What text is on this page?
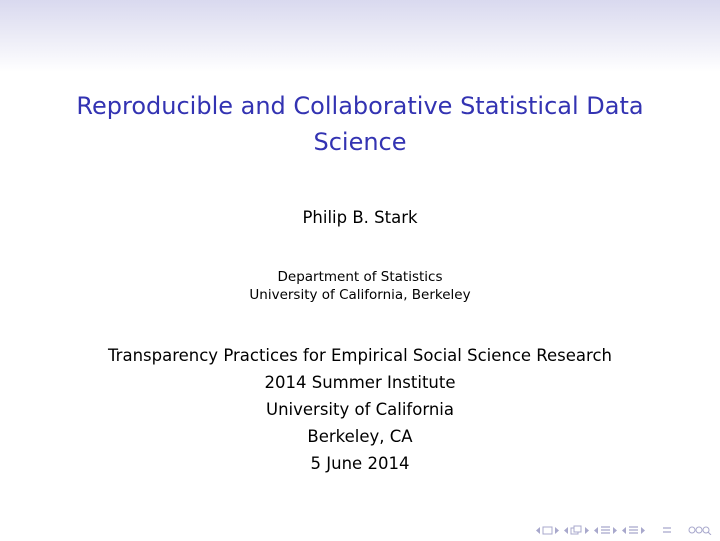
Reproducible and Collaborative Statistical Data
Science
Philip B. Stark
Department of Statistics
University of California, Berkeley
Transparency Practices for Empirical Social Science Research
2014 Summer Institute
University of California
Berkeley, CA
5 June 2014
